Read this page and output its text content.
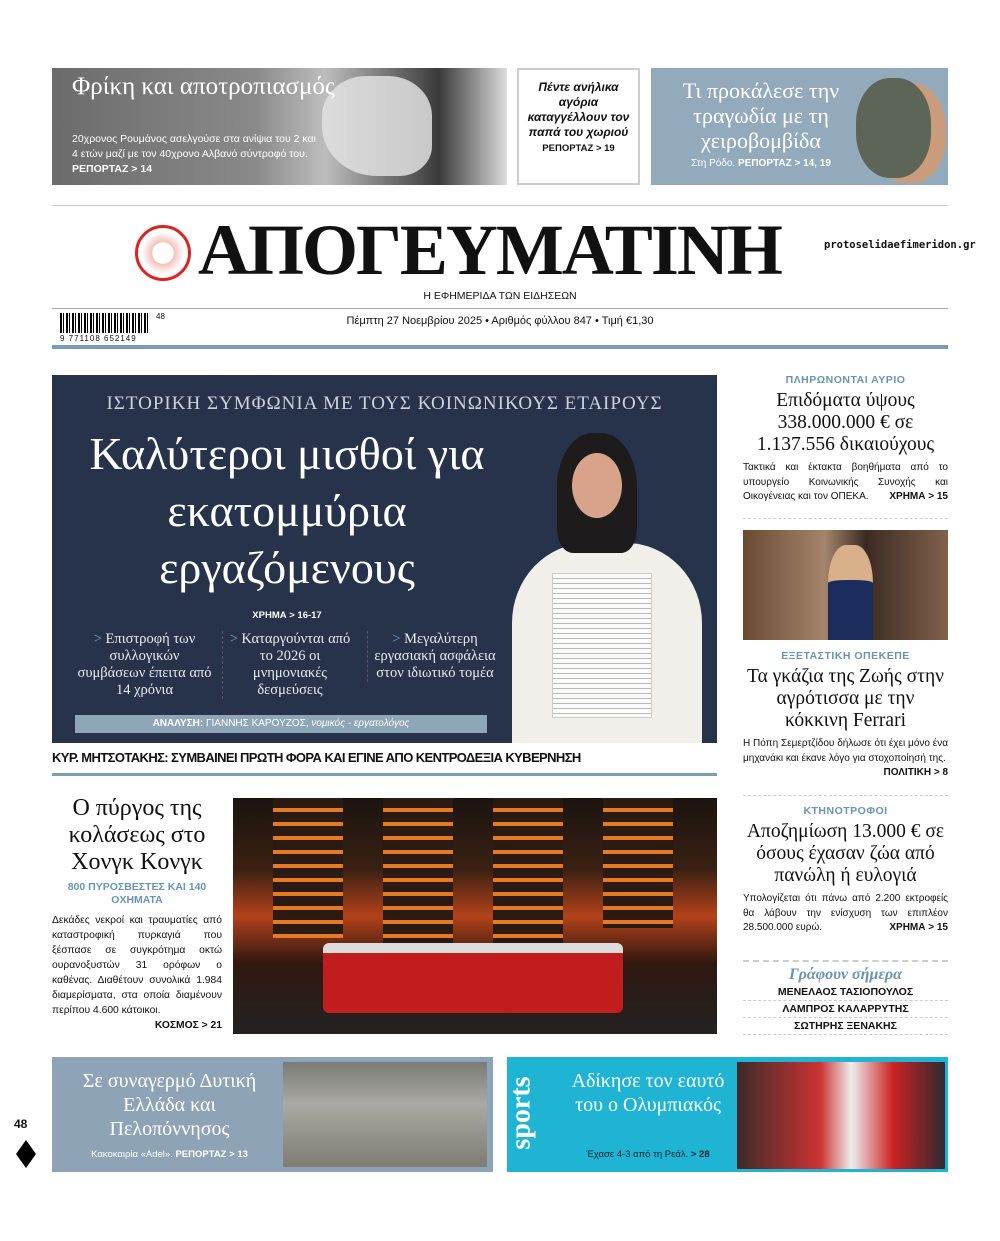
Φρίκη και αποτροπιασμός

20χρονος Ρουμάνος ασελγούσε στα ανίψια του 2 και 4 ετών μαζί με τον 40χρονο Αλβανό σύντροφό του. ΡΕΠΟΡΤΑΖ > 14

Πέντε ανήλικα αγόρια καταγγέλλουν τον παπά του χωριού

ΡΕΠΟΡΤΑΖ > 19
Τι προκάλεσε την τραγωδία με τη χειροβομβίδα

Στη Ρόδο. ΡΕΠΟΡΤΑΖ > 14, 19

ΑΠΟΓΕΥΜΑΤΙΝΗ	protoselidaefimeridon.gr
Η ΕΦΗΜΕΡΙΔΑ ΤΩΝ ΕΙΔΗΣΕΩΝ
9 771108 652149
48	Πέμπτη 27 Νοεμβρίου 2025 • Αριθμός φύλλου 847 • Τιμή €1,30
ΙΣΤΟΡΙΚΗ ΣΥΜΦΩΝΙΑ ΜΕ ΤΟΥΣ ΚΟΙΝΩΝΙΚΟΥΣ ΕΤΑΙΡΟΥΣ
Καλύτεροι μισθοί για εκατομμύρια εργαζόμενους
ΧΡΗΜΑ > 16-17
> Επιστροφή των συλλογικών συμβάσεων έπειτα από 14 χρόνια
> Καταργούνται από το 2026 οι μνημονιακές δεσμεύσεις
> Μεγαλύτερη εργασιακή ασφάλεια στον ιδιωτικό τομέα
ΑΝΑΛΥΣΗ: ΓΙΑΝΝΗΣ ΚΑΡΟΥΖΟΣ, νομικός - εργατολόγος
ΚΥΡ. ΜΗΤΣΟΤΑΚΗΣ: ΣΥΜΒΑΙΝΕΙ ΠΡΩΤΗ ΦΟΡΑ ΚΑΙ ΕΓΙΝΕ ΑΠΟ ΚΕΝΤΡΟΔΕΞΙΑ ΚΥΒΕΡΝΗΣΗ
Ο πύργος της κολάσεως στο Χονγκ Κονγκ
800 ΠΥΡΟΣΒΕΣΤΕΣ ΚΑΙ 140 ΟΧΗΜΑΤΑ

Δεκάδες νεκροί και τραυματίες από καταστροφική πυρκαγιά που ξέσπασε σε συγκρότημα οκτώ ουρανοξυστών 31 ορόφων ο καθένας. Διαθέτουν συνολικά 1.984 διαμερίσματα, στα οποία διαμένουν περίπου 4.600 κάτοικοι.
ΚΟΣΜΟΣ > 21

ΠΛΗΡΩΝΟΝΤΑΙ ΑΥΡΙΟ
Επιδόματα ύψους 338.000.000 € σε 1.137.556 δικαιούχους

Τακτικά και έκτακτα βοηθήματα από το υπουργείο Κοινωνικής Συνοχής και Οικογένειας και τον ΟΠΕΚΑ. ΧΡΗΜΑ > 15

ΕΞΕΤΑΣΤΙΚΗ ΟΠΕΚΕΠΕ
Τα γκάζια της Ζωής στην αγρότισσα με την κόκκινη Ferrari

Η Πόπη Σεμερτζίδου δήλωσε ότι έχει μόνο ένα μηχανάκι και έκανε λόγο για στοχοποίησή της.
ΠΟΛΙΤΙΚΗ > 8

ΚΤΗΝΟΤΡΟΦΟΙ
Αποζημίωση 13.000 € σε όσους έχασαν ζώα από πανώλη ή ευλογιά

Υπολογίζεται ότι πάνω από 2.200 εκτροφείς θα λάβουν την ενίσχυση των επιπλέον 28.500.000 ευρώ.	ΧΡΗΜΑ > 15

Γράφουν σήμερα
ΜΕΝΕΛΑΟΣ ΤΑΣΙΟΠΟΥΛΟΣ
ΛΑΜΠΡΟΣ ΚΑΛΑΡΡΥΤΗΣ
ΣΩΤΗΡΗΣ ΞΕΝΑΚΗΣ
Σε συναγερμό Δυτική Ελλάδα και Πελοπόννησος

Κακοκαιρία «Adel». ΡΕΠΟΡΤΑΖ > 13

sports	Αδίκησε τον εαυτό του ο Ολυμπιακός

Έχασε 4-3 από τη Ρεάλ. > 28

48
